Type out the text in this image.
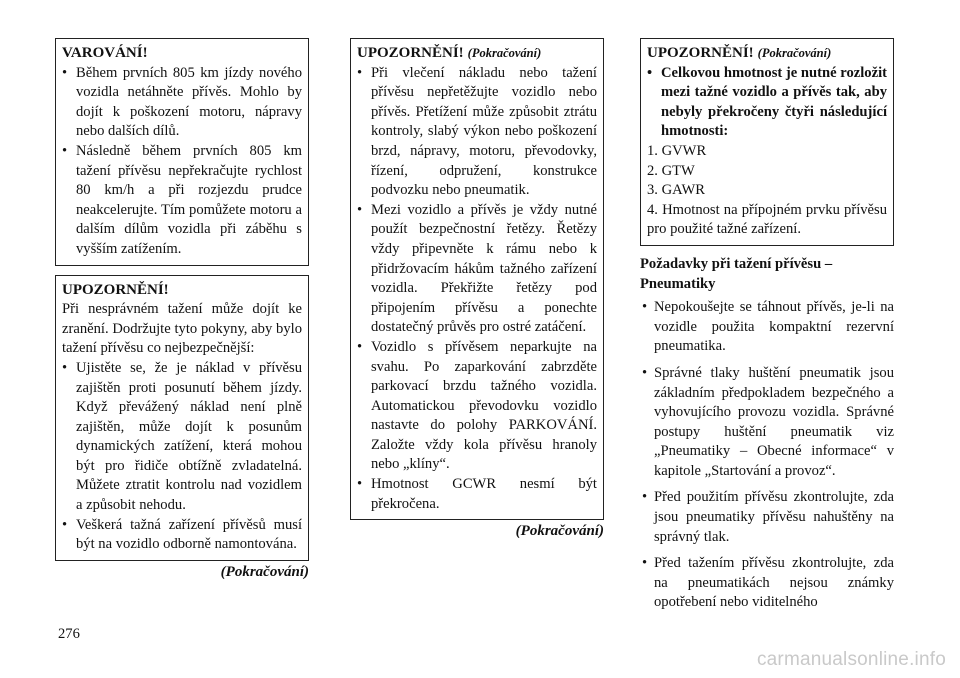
VAROVÁNÍ!
• Během prvních 805 km jízdy nového vozidla netáhněte přívěs. Mohlo by dojít k poškození motoru, nápravy nebo dalších dílů.
• Následně během prvních 805 km tažení přívěsu nepřekračujte rychlost 80 km/h a při rozjezdu prudce neakcelerujte. Tím pomůžete motoru a dalším dílům vozidla při záběhu s vyšším zatížením.
UPOZORNĚNÍ!
Při nesprávném tažení může dojít ke zranění. Dodržujte tyto pokyny, aby bylo tažení přívěsu co nejbezpečnější:
• Ujistěte se, že je náklad v přívěsu zajištěn proti posunutí během jízdy. Když převážený náklad není plně zajištěn, může dojít k posunům dynamických zatížení, která mohou být pro řidiče obtížně zvladatelná. Můžete ztratit kontrolu nad vozidlem a způsobit nehodu.
• Veškerá tažná zařízení přívěsů musí být na vozidlo odborně namontována.
(Pokračování)
UPOZORNĚNÍ! (Pokračování)
• Při vlečení nákladu nebo tažení přívěsu nepřetěžujte vozidlo nebo přívěs. Přetížení může způsobit ztrátu kontroly, slabý výkon nebo poškození brzd, nápravy, motoru, převodovky, řízení, odpružení, konstrukce podvozku nebo pneumatik.
• Mezi vozidlo a přívěs je vždy nutné použít bezpečnostní řetězy. Řetězy vždy připevněte k rámu nebo k přidržovacím hákům tažného zařízení vozidla. Překřižte řetězy pod připojením přívěsu a ponechte dostatečný průvěs pro ostré zatáčení.
• Vozidlo s přívěsem neparkujte na svahu. Po zaparkování zabrzděte parkovací brzdu tažného vozidla. Automatickou převodovku vozidlo nastavte do polohy PARKOVÁNÍ. Založte vždy kola přívěsu hranoly nebo „klíny“.
• Hmotnost GCWR nesmí být překročena.
(Pokračování)
UPOZORNĚNÍ! (Pokračování)
• Celkovou hmotnost je nutné rozložit mezi tažné vozidlo a přívěs tak, aby nebyly překročeny čtyři následující hmotnosti:
1. GVWR
2. GTW
3. GAWR
4. Hmotnost na přípojném prvku přívěsu pro použité tažné zařízení.
Požadavky při tažení přívěsu –
Pneumatiky
• Nepokoušejte se táhnout přívěs, je-li na vozidle použita kompaktní rezervní pneumatika.
• Správné tlaky huštění pneumatik jsou základním předpokladem bezpečného a vyhovujícího provozu vozidla. Správné postupy huštění pneumatik viz „Pneumatiky – Obecné informace“ v kapitole „Startování a provoz“.
• Před použitím přívěsu zkontrolujte, zda jsou pneumatiky přívěsu nahuštěny na správný tlak.
• Před tažením přívěsu zkontrolujte, zda na pneumatikách nejsou známky opotřebení nebo viditelného
276
carmanualsonline.info
